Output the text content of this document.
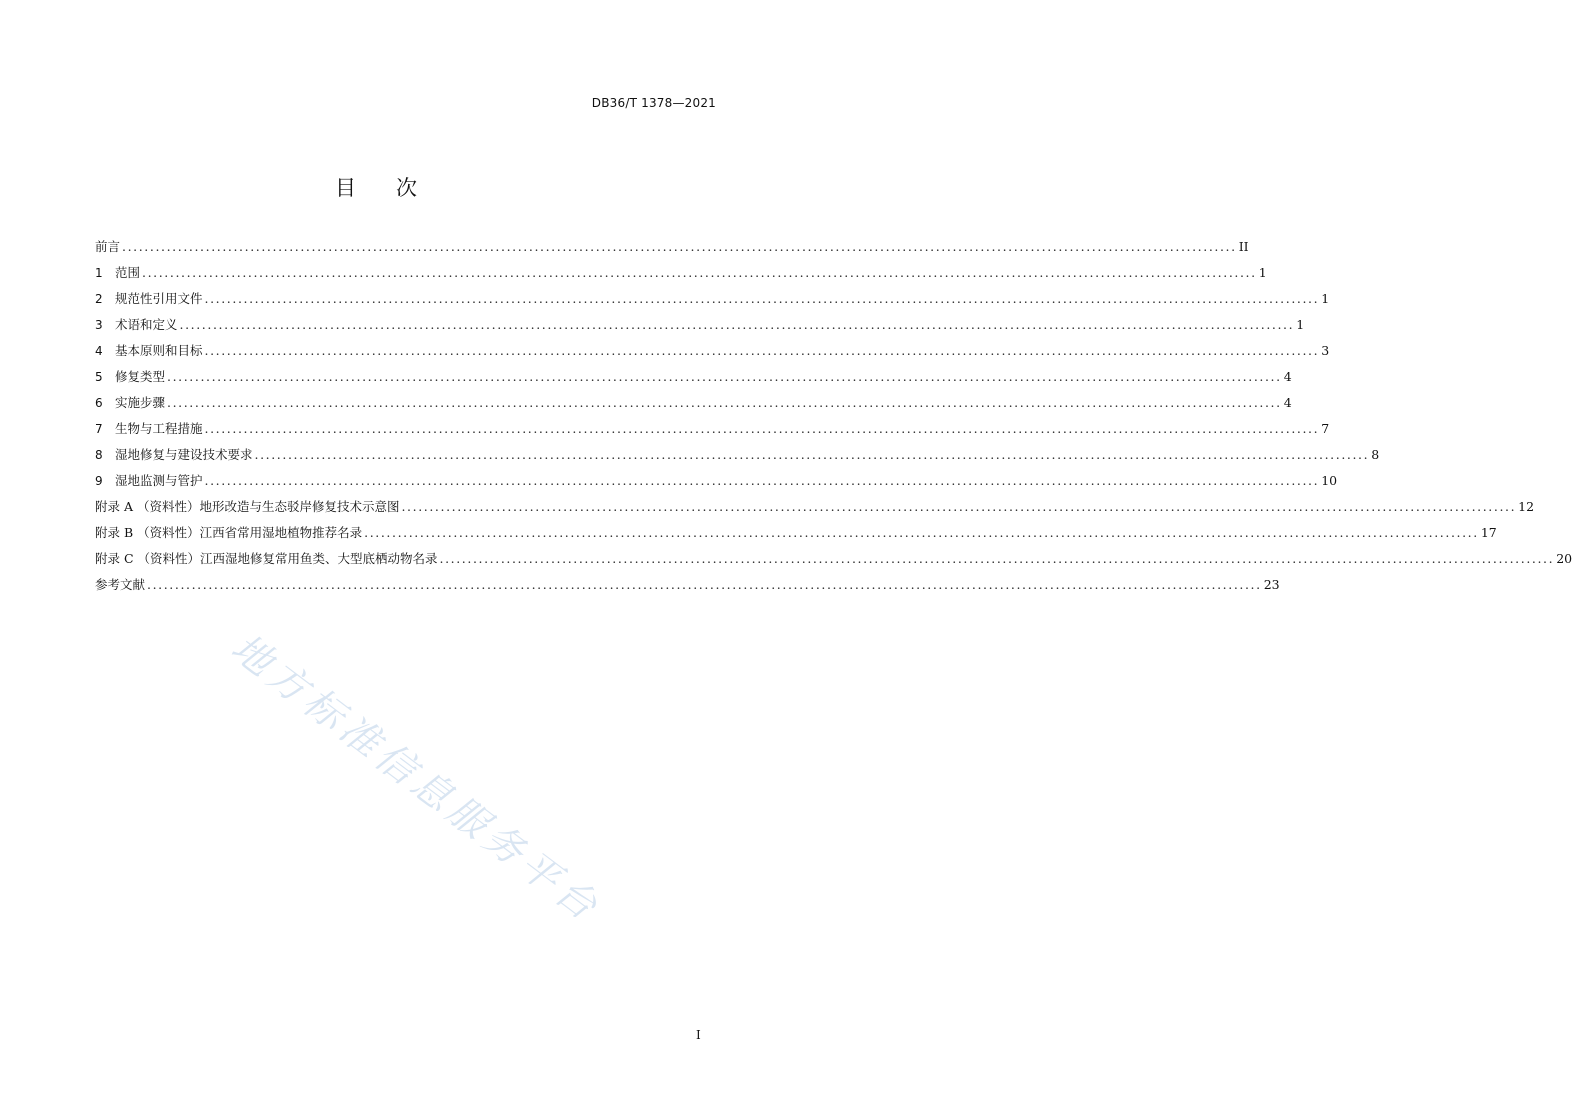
DB36/T 1378—2021
目次
前言 ........................................................................................................................................................................................................ II
1 范围 ........................................................................................................................................................................................................ 1
2 规范性引用文件 ........................................................................................................................................................................................................ 1
3 术语和定义 ........................................................................................................................................................................................................ 1
4 基本原则和目标 ........................................................................................................................................................................................................ 3
5 修复类型 ........................................................................................................................................................................................................ 4
6 实施步骤 ........................................................................................................................................................................................................ 4
7 生物与工程措施 ........................................................................................................................................................................................................ 7
8 湿地修复与建设技术要求 ........................................................................................................................................................................................................ 8
9 湿地监测与管护 ........................................................................................................................................................................................................ 10
附录 A （资料性）地形改造与生态驳岸修复技术示意图 ........................................................................................................................................................................................................ 12
附录 B （资料性）江西省常用湿地植物推荐名录 ........................................................................................................................................................................................................ 17
附录 C （资料性）江西湿地修复常用鱼类、大型底栖动物名录 ........................................................................................................................................................................................................ 20
参考文献 ........................................................................................................................................................................................................ 23
I
地方标准信息服务平台
